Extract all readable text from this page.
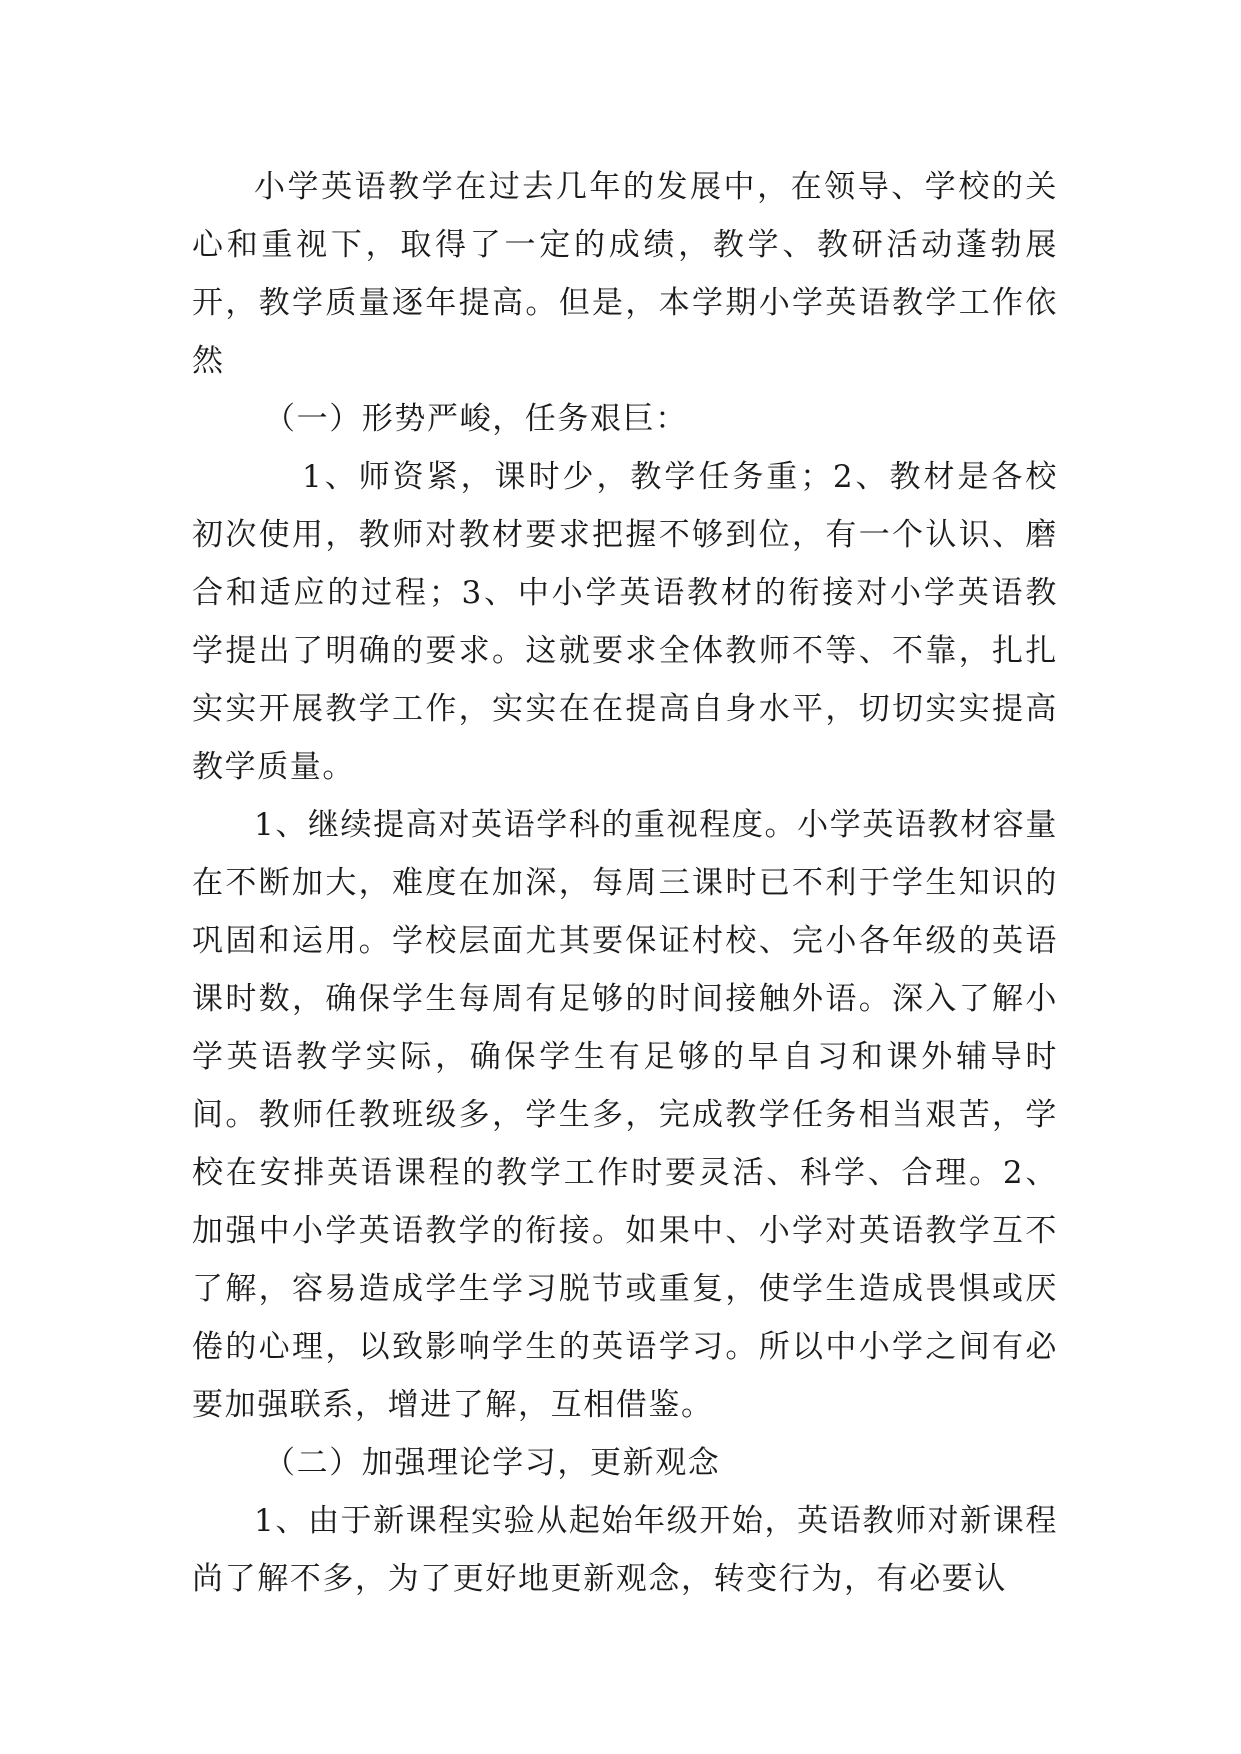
小学英语教学在过去几年的发展中，在领导、学校的关心和重视下，取得了一定的成绩，教学、教研活动蓬勃展开，教学质量逐年提高。但是，本学期小学英语教学工作依然

（一）形势严峻，任务艰巨：

1、师资紧，课时少，教学任务重；2、教材是各校初次使用，教师对教材要求把握不够到位，有一个认识、磨合和适应的过程；3、中小学英语教材的衔接对小学英语教学提出了明确的要求。这就要求全体教师不等、不靠，扎扎实实开展教学工作，实实在在提高自身水平，切切实实提高教学质量。

1、继续提高对英语学科的重视程度。小学英语教材容量在不断加大，难度在加深，每周三课时已不利于学生知识的巩固和运用。学校层面尤其要保证村校、完小各年级的英语课时数，确保学生每周有足够的时间接触外语。深入了解小学英语教学实际，确保学生有足够的早自习和课外辅导时间。教师任教班级多，学生多，完成教学任务相当艰苦，学校在安排英语课程的教学工作时要灵活、科学、合理。2、加强中小学英语教学的衔接。如果中、小学对英语教学互不了解，容易造成学生学习脱节或重复，使学生造成畏惧或厌倦的心理，以致影响学生的英语学习。所以中小学之间有必要加强联系，增进了解，互相借鉴。

（二）加强理论学习，更新观念

1、由于新课程实验从起始年级开始，英语教师对新课程尚了解不多，为了更好地更新观念，转变行为，有必要认
